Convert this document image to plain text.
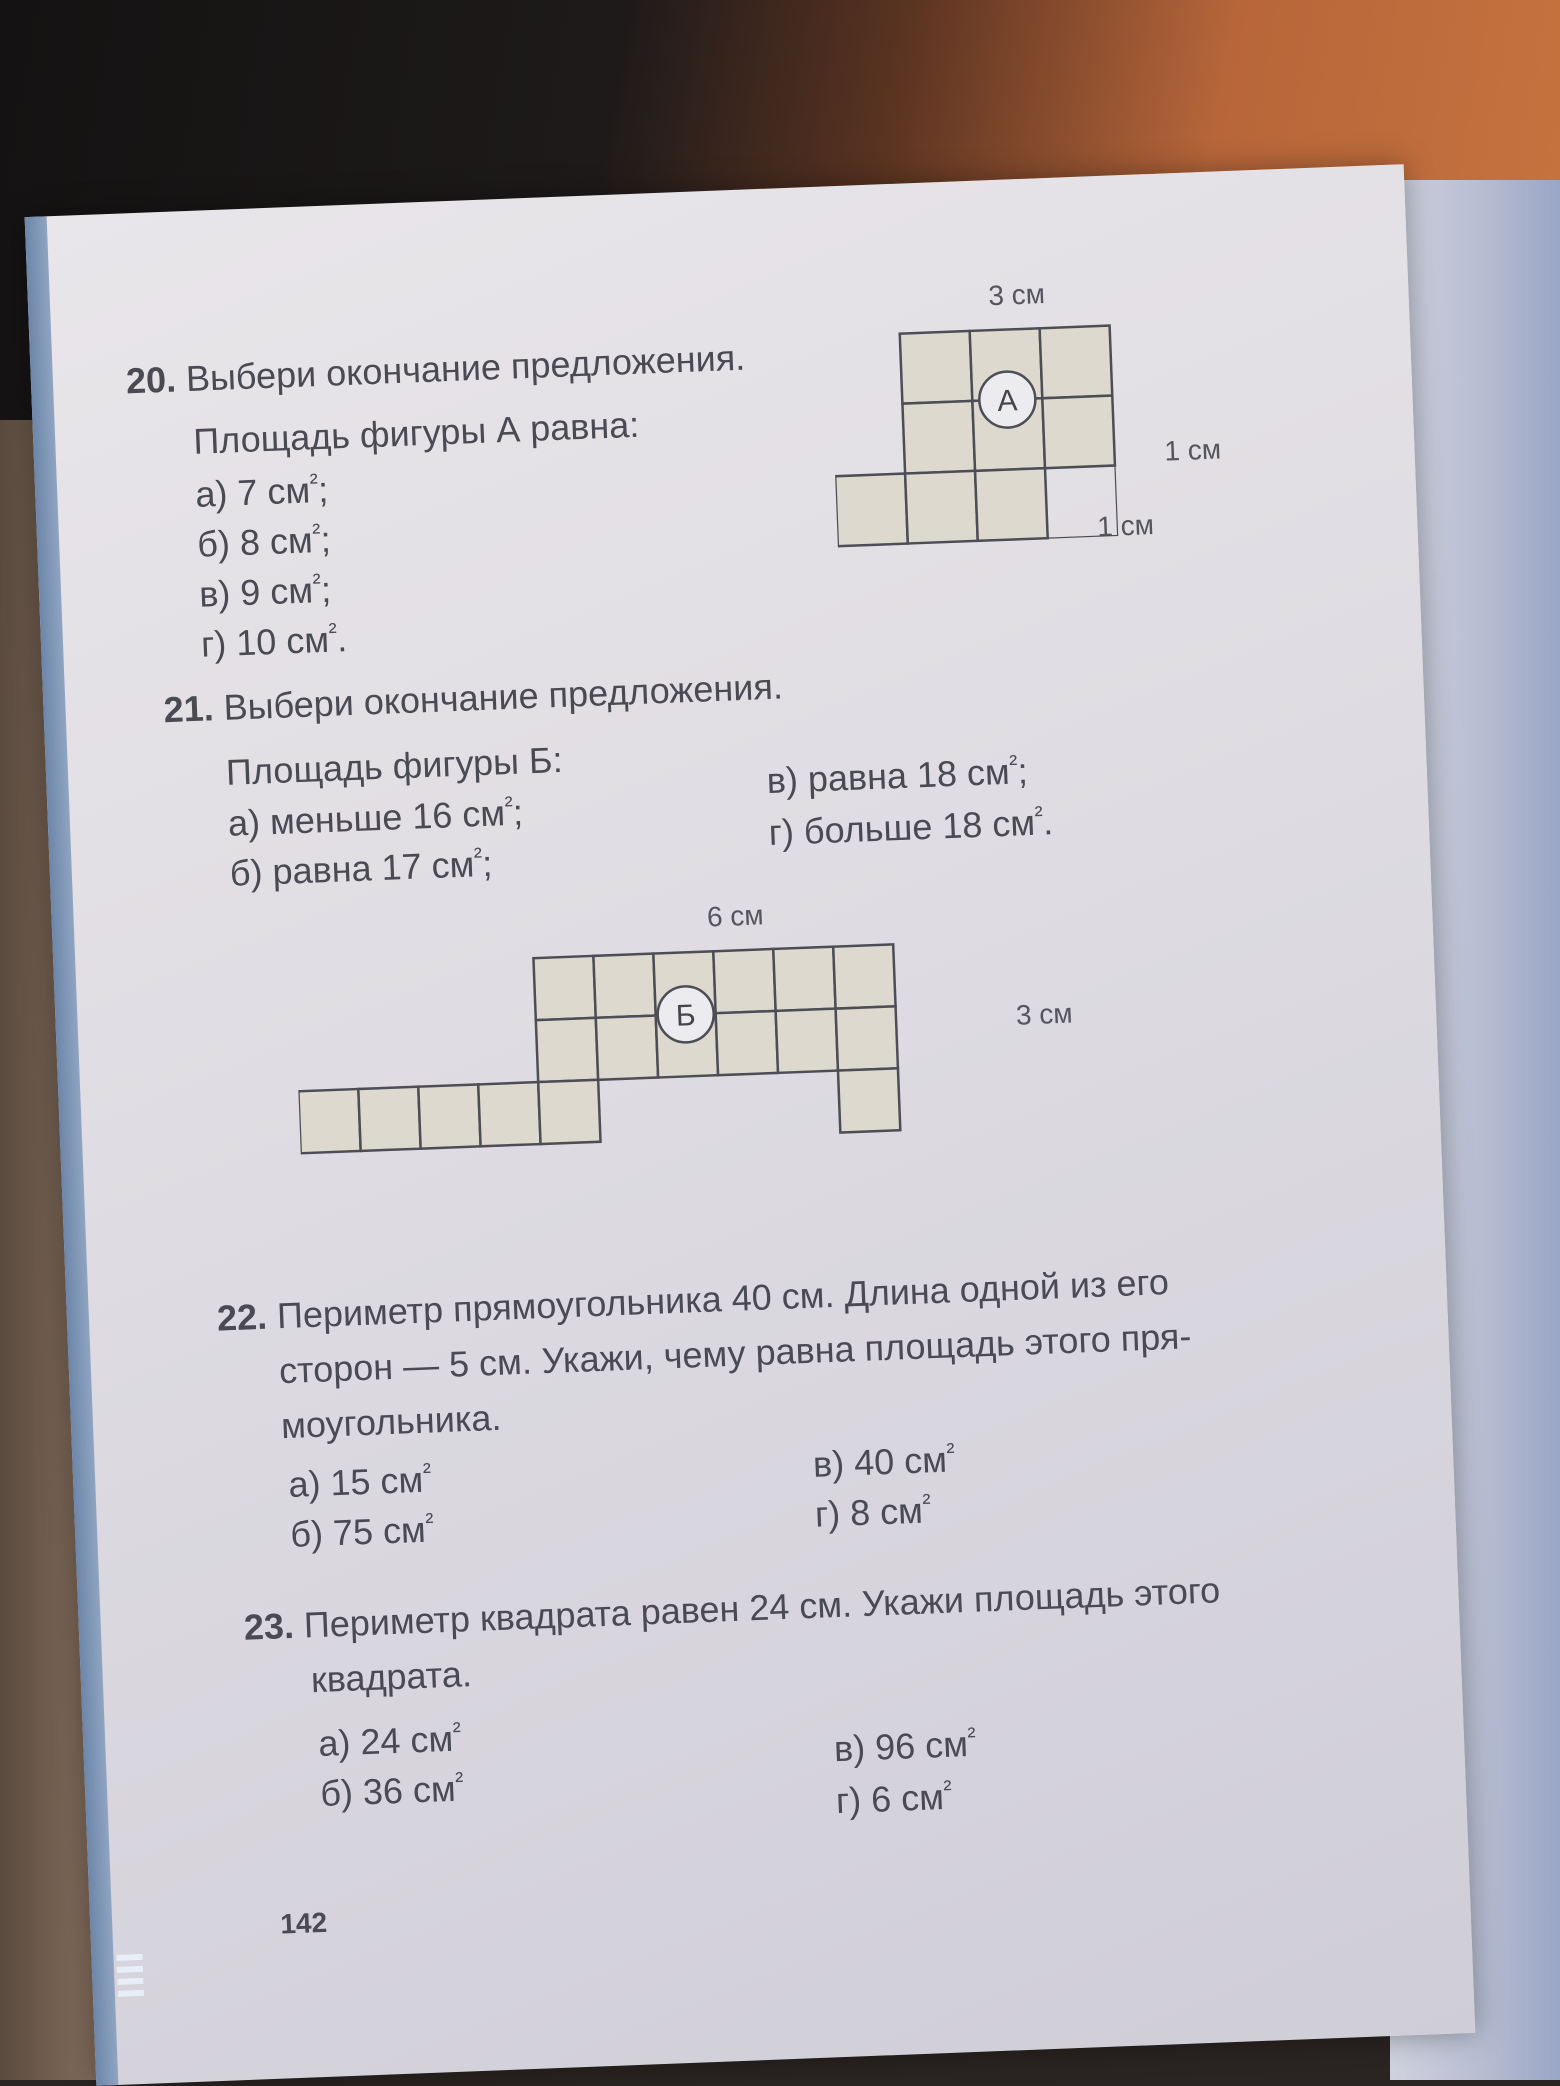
20. Выбери окончание предложения.
Площадь фигуры А равна:
а) 7 см ² ;
б) 8 см ² ;
в) 9 см ² ;
г) 10 см ² .
3 см
1 см
1 см
А
21. Выбери окончание предложения.
Площадь фигуры Б:
а) меньше 16 см ² ;
б) равна 17 см ² ;
в) равна 18 см ² ;
г) больше 18 см ² .
6 см
3 см
Б
22. Периметр прямоугольника 40 см. Длина одной из его
сторон — 5 см. Укажи, чему равна площадь этого пря-
моугольника.
а) 15 см ²
б) 75 см ²
в) 40 см ²
г) 8 см ²
23. Периметр квадрата равен 24 см. Укажи площадь этого
квадрата.
а) 24 см ²
б) 36 см ²
в) 96 см ²
г) 6 см ²
142
